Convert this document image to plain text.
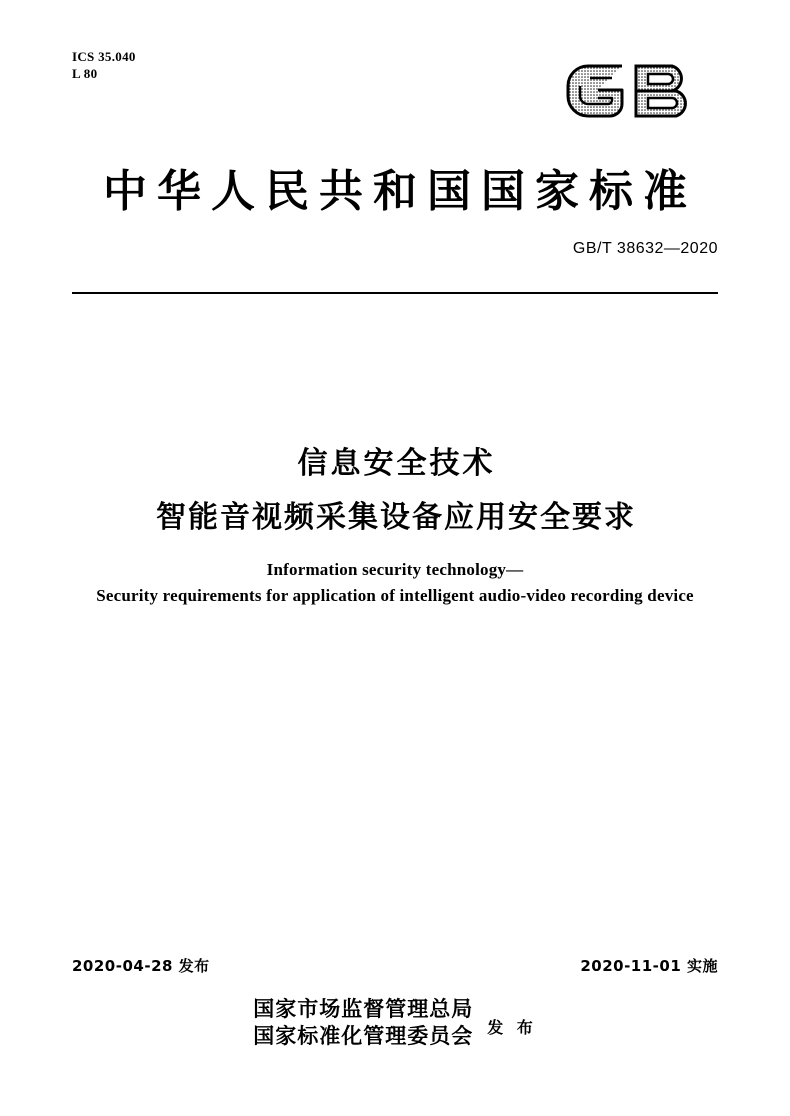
ICS 35.040
L 80
中华人民共和国国家标准
GB/T 38632—2020
信息安全技术
智能音视频采集设备应用安全要求
Information security technology—
Security requirements for application of intelligent audio-video recording device
2020-04-28 发布	2020-11-01 实施
国家市场监督管理总局
国家标准化管理委员会 发 布
